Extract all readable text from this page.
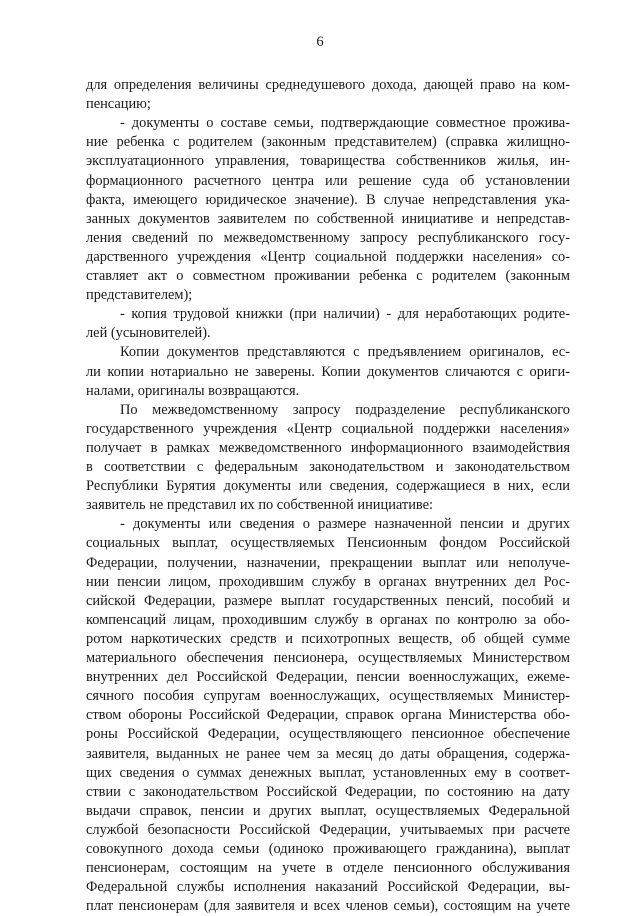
6
для определения величины среднедушевого дохода, дающей право на ком-
пенсацию;
- документы о составе семьи, подтверждающие совместное прожива-
ние ребенка с родителем (законным представителем) (справка жилищно-
эксплуатационного управления, товарищества собственников жилья, ин-
формационного расчетного центра или решение суда об установлении
факта, имеющего юридическое значение). В случае непредставления ука-
занных документов заявителем по собственной инициативе и непредстав-
ления сведений по межведомственному запросу республиканского госу-
дарственного учреждения «Центр социальной поддержки населения» со-
ставляет акт о совместном проживании ребенка с родителем (законным
представителем);
- копия трудовой книжки (при наличии) - для неработающих родите-
лей (усыновителей).
Копии документов представляются с предъявлением оригиналов, ес-
ли копии нотариально не заверены. Копии документов сличаются с ориги-
налами, оригиналы возвращаются.
По межведомственному запросу подразделение республиканского
государственного учреждения «Центр социальной поддержки населения»
получает в рамках межведомственного информационного взаимодействия
в соответствии с федеральным законодательством и законодательством
Республики Бурятия документы или сведения, содержащиеся в них, если
заявитель не представил их по собственной инициативе:
- документы или сведения о размере назначенной пенсии и других
социальных выплат, осуществляемых Пенсионным фондом Российской
Федерации, получении, назначении, прекращении выплат или неполуче-
нии пенсии лицом, проходившим службу в органах внутренних дел Рос-
сийской Федерации, размере выплат государственных пенсий, пособий и
компенсаций лицам, проходившим службу в органах по контролю за обо-
ротом наркотических средств и психотропных веществ, об общей сумме
материального обеспечения пенсионера, осуществляемых Министерством
внутренних дел Российской Федерации, пенсии военнослужащих, ежеме-
сячного пособия супругам военнослужащих, осуществляемых Министер-
ством обороны Российской Федерации, справок органа Министерства обо-
роны Российской Федерации, осуществляющего пенсионное обеспечение
заявителя, выданных не ранее чем за месяц до даты обращения, содержа-
щих сведения о суммах денежных выплат, установленных ему в соответ-
ствии с законодательством Российской Федерации, по состоянию на дату
выдачи справок, пенсии и других выплат, осуществляемых Федеральной
службой безопасности Российской Федерации, учитываемых при расчете
совокупного дохода семьи (одиноко проживающего гражданина), выплат
пенсионерам, состоящим на учете в отделе пенсионного обслуживания
Федеральной службы исполнения наказаний Российской Федерации, вы-
плат пенсионерам (для заявителя и всех членов семьи), состоящим на учете
